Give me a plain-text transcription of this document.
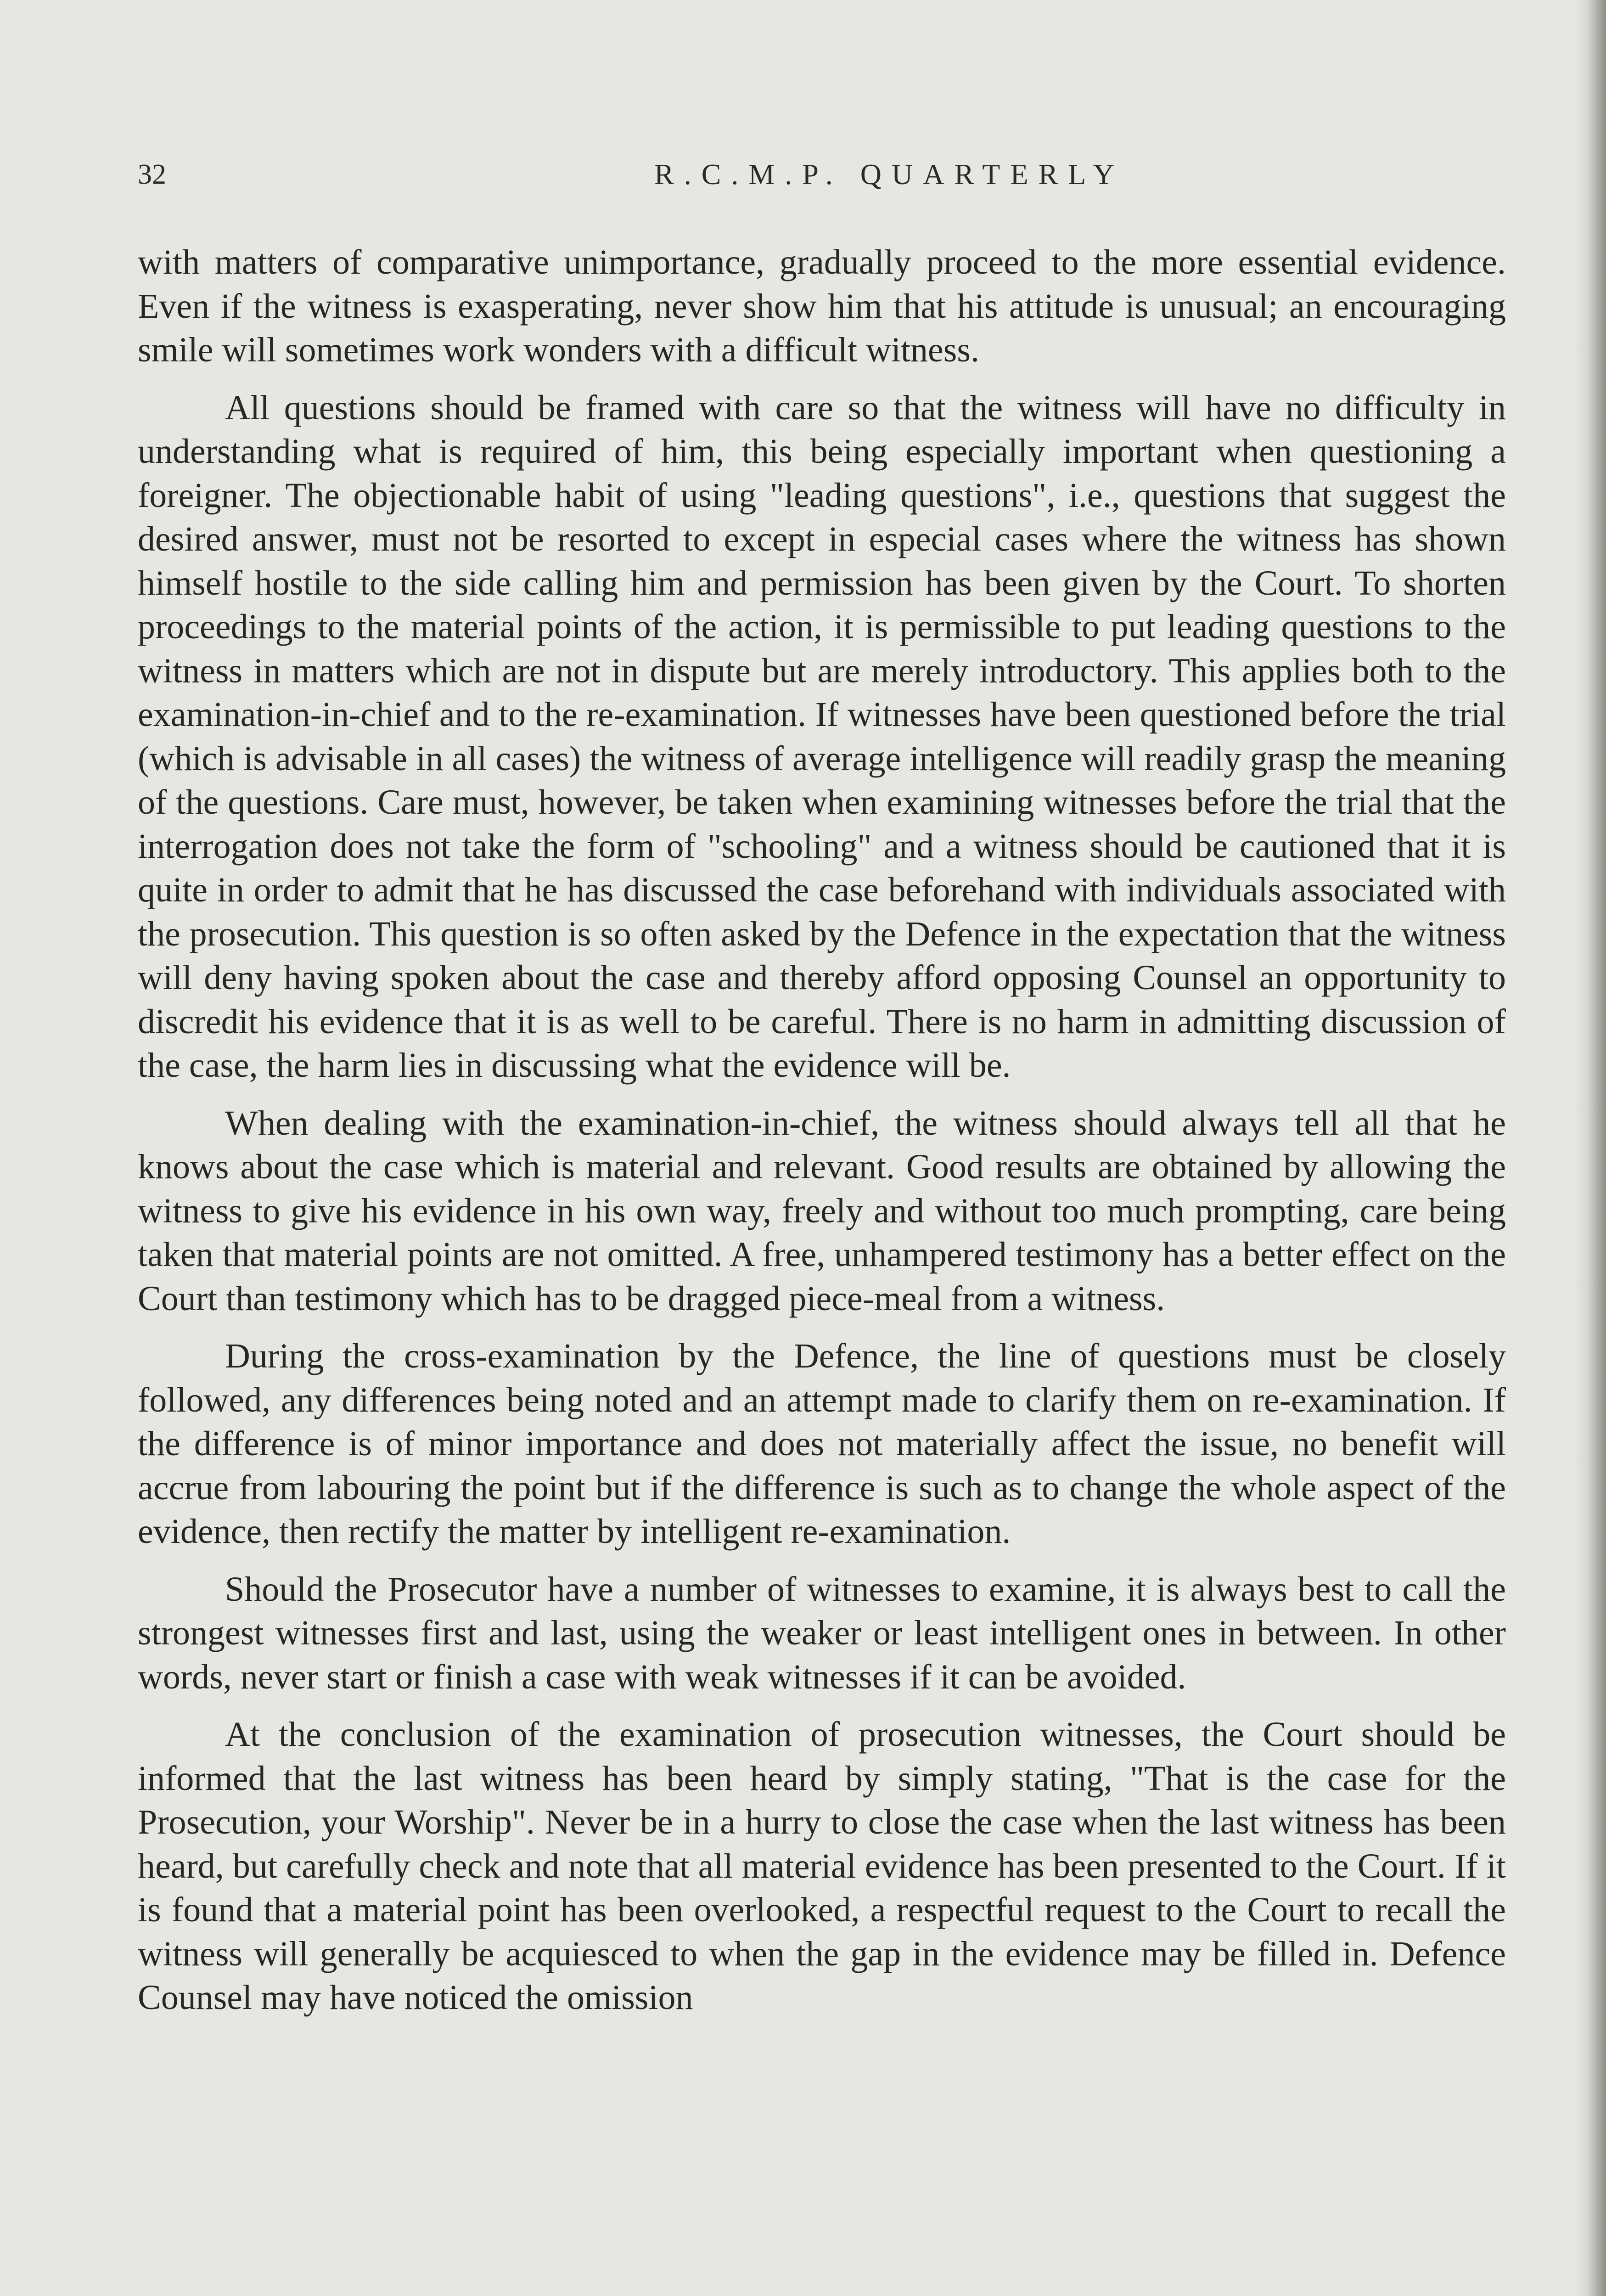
32	R.C.M.P. QUARTERLY

with matters of comparative unimportance, gradually proceed to the more essential evidence. Even if the witness is exasperating, never show him that his attitude is unusual; an encouraging smile will sometimes work wonders with a difficult witness.

All questions should be framed with care so that the witness will have no difficulty in understanding what is required of him, this being especially important when questioning a foreigner. The objectionable habit of using "leading questions", i.e., questions that suggest the desired answer, must not be resorted to except in especial cases where the witness has shown himself hostile to the side calling him and permission has been given by the Court. To shorten proceedings to the material points of the action, it is permissible to put leading questions to the witness in matters which are not in dispute but are merely introductory. This applies both to the examination-in-chief and to the re-examination. If witnesses have been questioned before the trial (which is advisable in all cases) the witness of average intelligence will readily grasp the meaning of the questions. Care must, however, be taken when examining witnesses before the trial that the interrogation does not take the form of "schooling" and a witness should be cautioned that it is quite in order to admit that he has discussed the case beforehand with individuals associated with the prosecution. This question is so often asked by the Defence in the expectation that the witness will deny having spoken about the case and thereby afford opposing Counsel an opportunity to discredit his evidence that it is as well to be careful. There is no harm in admitting discussion of the case, the harm lies in discussing what the evidence will be.

When dealing with the examination-in-chief, the witness should always tell all that he knows about the case which is material and relevant. Good results are obtained by allowing the witness to give his evidence in his own way, freely and without too much prompting, care being taken that material points are not omitted. A free, unhampered testimony has a better effect on the Court than testimony which has to be dragged piece-meal from a witness.

During the cross-examination by the Defence, the line of questions must be closely followed, any differences being noted and an attempt made to clarify them on re-examination. If the difference is of minor importance and does not materially affect the issue, no benefit will accrue from labouring the point but if the difference is such as to change the whole aspect of the evidence, then rectify the matter by intelligent re-examination.

Should the Prosecutor have a number of witnesses to examine, it is always best to call the strongest witnesses first and last, using the weaker or least intelligent ones in between. In other words, never start or finish a case with weak witnesses if it can be avoided.

At the conclusion of the examination of prosecution witnesses, the Court should be informed that the last witness has been heard by simply stating, "That is the case for the Prosecution, your Worship". Never be in a hurry to close the case when the last witness has been heard, but carefully check and note that all material evidence has been presented to the Court. If it is found that a material point has been overlooked, a respectful request to the Court to recall the witness will generally be acquiesced to when the gap in the evidence may be filled in. Defence Counsel may have noticed the omission
